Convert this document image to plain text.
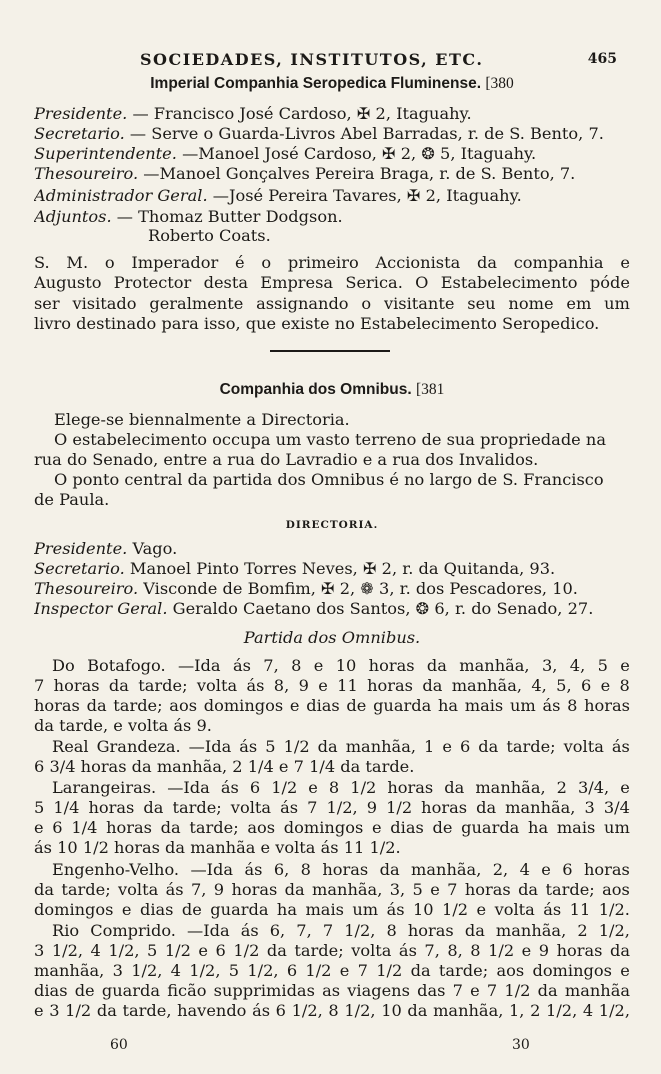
SOCIEDADES, INSTITUTOS, ETC.	465
Imperial Companhia Seropedica Fluminense. [380
Presidente. — Francisco José Cardoso, ✠ 2, Itaguahy.
Secretario. — Serve o Guarda-Livros Abel Barradas, r. de S. Bento, 7.
Superintendente. —Manoel José Cardoso, ✠ 2, ❂ 5, Itaguahy.
Thesoureiro. —Manoel Gonçalves Pereira Braga, r. de S. Bento, 7.
Administrador Geral. —José Pereira Tavares, ✠ 2, Itaguahy.
Adjuntos. — Thomaz Butter Dodgson.
Roberto Coats.
S. M. o Imperador é o primeiro Accionista da companhia e
Augusto Protector desta Empresa Serica. O Estabelecimento póde
ser visitado geralmente assignando o visitante seu nome em um
livro destinado para isso, que existe no Estabelecimento Seropedico.
Companhia dos Omnibus. [381
Elege-se biennalmente a Directoria.
O estabelecimento occupa um vasto terreno de sua propriedade na
rua do Senado, entre a rua do Lavradio e a rua dos Invalidos.
O ponto central da partida dos Omnibus é no largo de S. Francisco
de Paula.
DIRECTORIA.
Presidente. Vago.
Secretario. Manoel Pinto Torres Neves, ✠ 2, r. da Quitanda, 93.
Thesoureiro. Visconde de Bomfim, ✠ 2, ❁ 3, r. dos Pescadores, 10.
Inspector Geral. Geraldo Caetano dos Santos, ❂ 6, r. do Senado, 27.
Partida dos Omnibus.
Do Botafogo. —Ida ás 7, 8 e 10 horas da manhãa, 3, 4, 5 e
7 horas da tarde; volta ás 8, 9 e 11 horas da manhãa, 4, 5, 6 e 8
horas da tarde; aos domingos e dias de guarda ha mais um ás 8 horas
da tarde, e volta ás 9.
Real Grandeza. —Ida ás 5 1/2 da manhãa, 1 e 6 da tarde; volta ás
6 3/4 horas da manhãa, 2 1/4 e 7 1/4 da tarde.
Larangeiras. —Ida ás 6 1/2 e 8 1/2 horas da manhãa, 2 3/4, e
5 1/4 horas da tarde; volta ás 7 1/2, 9 1/2 horas da manhãa, 3 3/4
e 6 1/4 horas da tarde; aos domingos e dias de guarda ha mais um
ás 10 1/2 horas da manhãa e volta ás 11 1/2.
Engenho-Velho. —Ida ás 6, 8 horas da manhãa, 2, 4 e 6 horas
da tarde; volta ás 7, 9 horas da manhãa, 3, 5 e 7 horas da tarde; aos
domingos e dias de guarda ha mais um ás 10 1/2 e volta ás 11 1/2.
Rio Comprido. —Ida ás 6, 7, 7 1/2, 8 horas da manhãa, 2 1/2,
3 1/2, 4 1/2, 5 1/2 e 6 1/2 da tarde; volta ás 7, 8, 8 1/2 e 9 horas da
manhãa, 3 1/2, 4 1/2, 5 1/2, 6 1/2 e 7 1/2 da tarde; aos domingos e
dias de guarda ficão supprimidas as viagens das 7 e 7 1/2 da manhãa
e 3 1/2 da tarde, havendo ás 6 1/2, 8 1/2, 10 da manhãa, 1, 2 1/2, 4 1/2,
60	30
